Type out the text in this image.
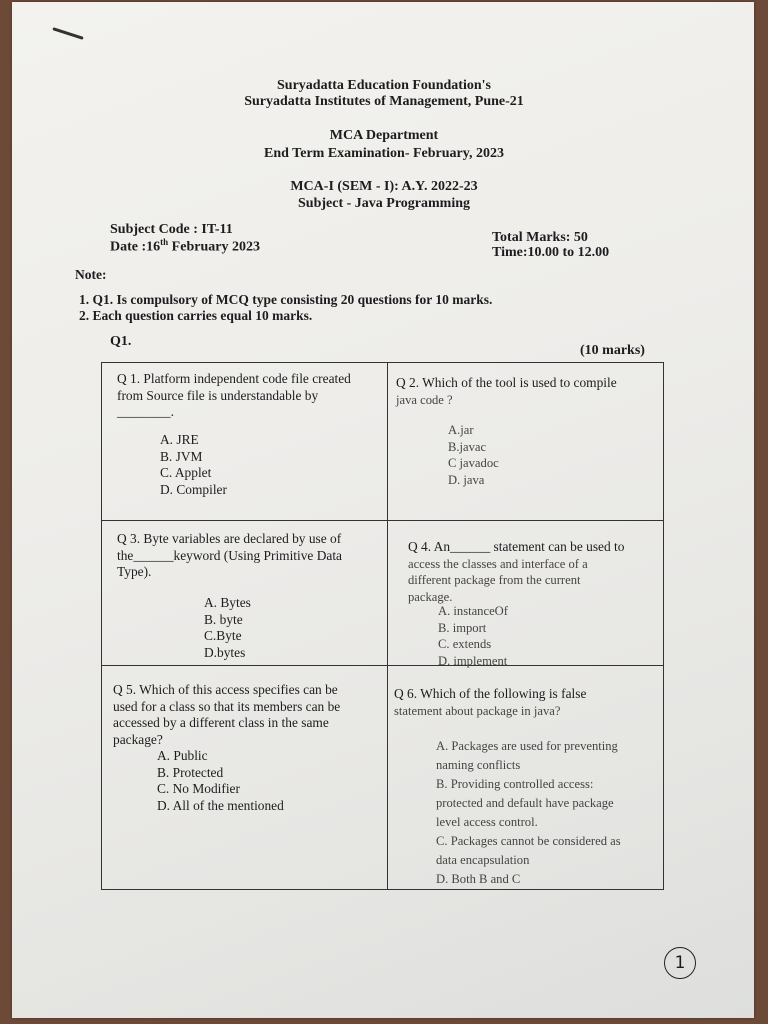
Suryadatta Education Foundation's
Suryadatta Institutes of Management, Pune-21
MCA Department
End Term Examination- February, 2023
MCA-I (SEM - I): A.Y. 2022-23
Subject - Java Programming
Subject Code : IT-11
Date :16th February 2023
Total Marks: 50
Time:10.00 to 12.00
Note:
1. Q1. Is compulsory of MCQ type consisting 20 questions for 10 marks.
2. Each question carries equal 10 marks.
Q1.
(10 marks)

Q 1. Platform independent code file created

from Source file is understandable by

________.

A. JRE

B. JVM

C. Applet

D. Compiler

Q 2. Which of the tool is used to compile

java code ?

A.jar

B.javac

C javadoc

D. java

Q 3. Byte variables are declared by use of

the______keyword (Using Primitive Data

Type).

A. Bytes

B. byte

C.Byte

D.bytes

Q 4. An______ statement can be used to

access the classes and interface of a

different package from the current

package.

A. instanceOf

B. import

C. extends

D. implement

Q 5. Which of this access specifies can be

used for a class so that its members can be

accessed by a different class in the same

package?

A. Public

B. Protected

C. No Modifier

D. All of the mentioned

Q 6. Which of the following is false

statement about package in java?

A. Packages are used for preventing

naming conflicts

B. Providing controlled access:

protected and default have package

level access control.

C. Packages cannot be considered as

data encapsulation

D. Both B and C

1
